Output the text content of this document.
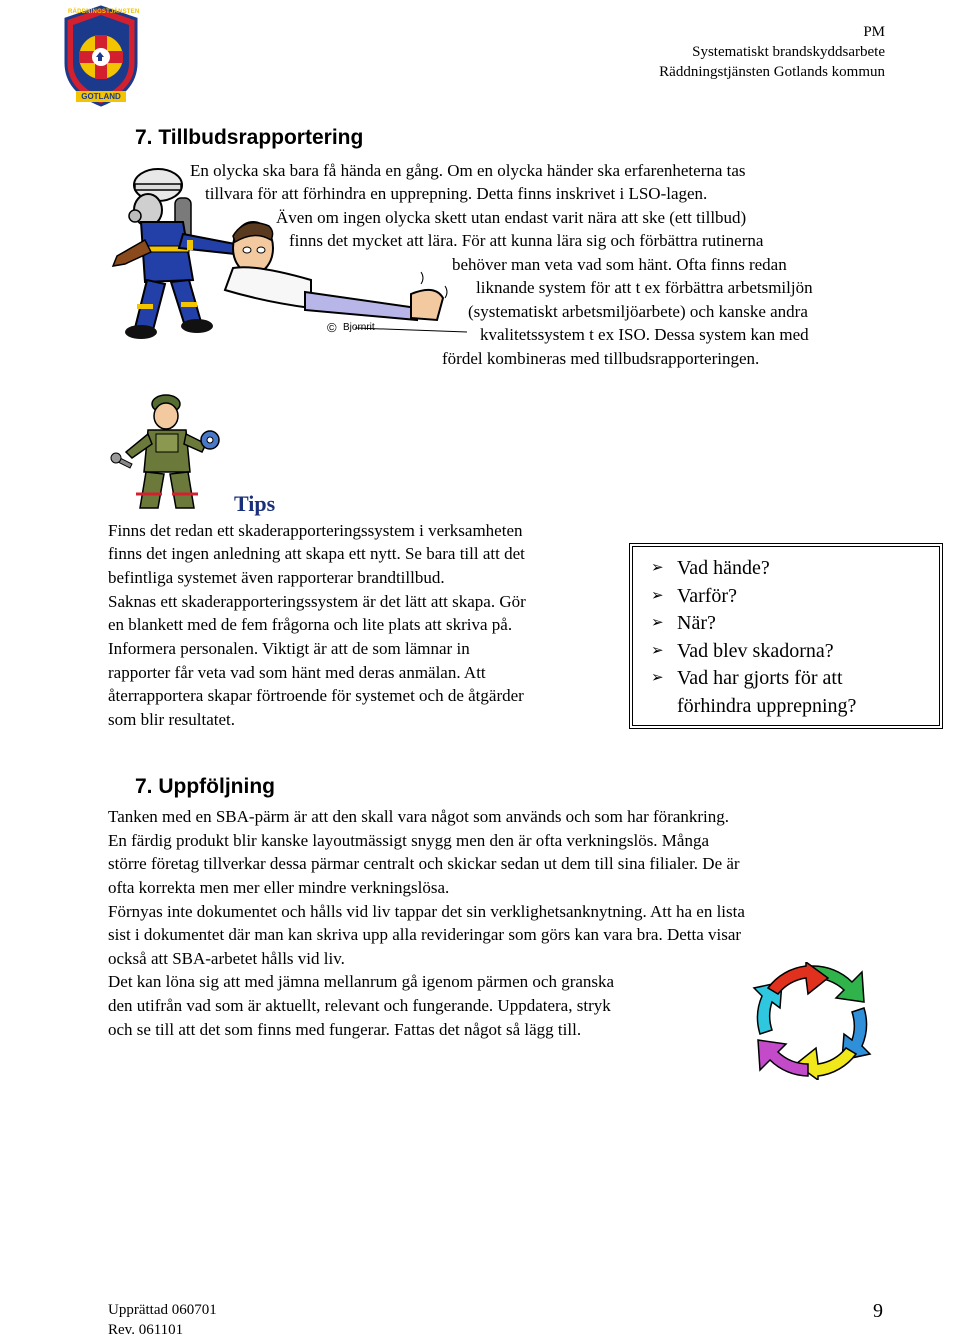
RÄDDNINGSTJÄNSTEN
GOTLAND
PM
Systematiskt brandskyddsarbete
Räddningstjänsten Gotlands kommun
7. Tillbudsrapportering
© Bjornrit
En olycka ska bara få hända en gång. Om en olycka händer ska erfarenheterna tas
tillvara för att förhindra en upprepning. Detta finns inskrivet i LSO-lagen.
Även om ingen olycka skett utan endast varit nära att ske (ett tillbud)
finns det mycket att lära. För att kunna lära sig och förbättra rutinerna
behöver man veta vad som hänt. Ofta finns redan
liknande system för att t ex förbättra arbetsmiljön
(systematiskt arbetsmiljöarbete) och kanske andra
kvalitetssystem t ex ISO. Dessa system kan med
fördel kombineras med tillbudsrapporteringen.
Tips
Finns det redan ett skaderapporteringssystem i verksamheten
finns det ingen anledning att skapa ett nytt. Se bara till att det
befintliga systemet även rapporterar brandtillbud.
Saknas ett skaderapporteringssystem är det lätt att skapa. Gör
en blankett med de fem frågorna och lite plats att skriva på.
Informera personalen. Viktigt är att de som lämnar in
rapporter får veta vad som hänt med deras anmälan. Att
återrapportera skapar förtroende för systemet och de åtgärder
som blir resultatet.
➢ Vad hände?
➢ Varför?
➢ När?
➢ Vad blev skadorna?
➢ Vad har gjorts för att förhindra upprepning?
7. Uppföljning
Tanken med en SBA-pärm är att den skall vara något som används och som har förankring.
En färdig produkt blir kanske layoutmässigt snygg men den är ofta verkningslös. Många
större företag tillverkar dessa pärmar centralt och skickar sedan ut dem till sina filialer. De är
ofta korrekta men mer eller mindre verkningslösa.
Förnyas inte dokumentet och hålls vid liv tappar det sin verklighetsanknytning. Att ha en lista
sist i dokumentet där man kan skriva upp alla revideringar som görs kan vara bra. Detta visar
också att SBA-arbetet hålls vid liv.
Det kan löna sig att med jämna mellanrum gå igenom pärmen och granska
den utifrån vad som är aktuellt, relevant och fungerande. Uppdatera, stryk
och se till att det som finns med fungerar. Fattas det något så lägg till.
Upprättad 060701
Rev. 061101
9
